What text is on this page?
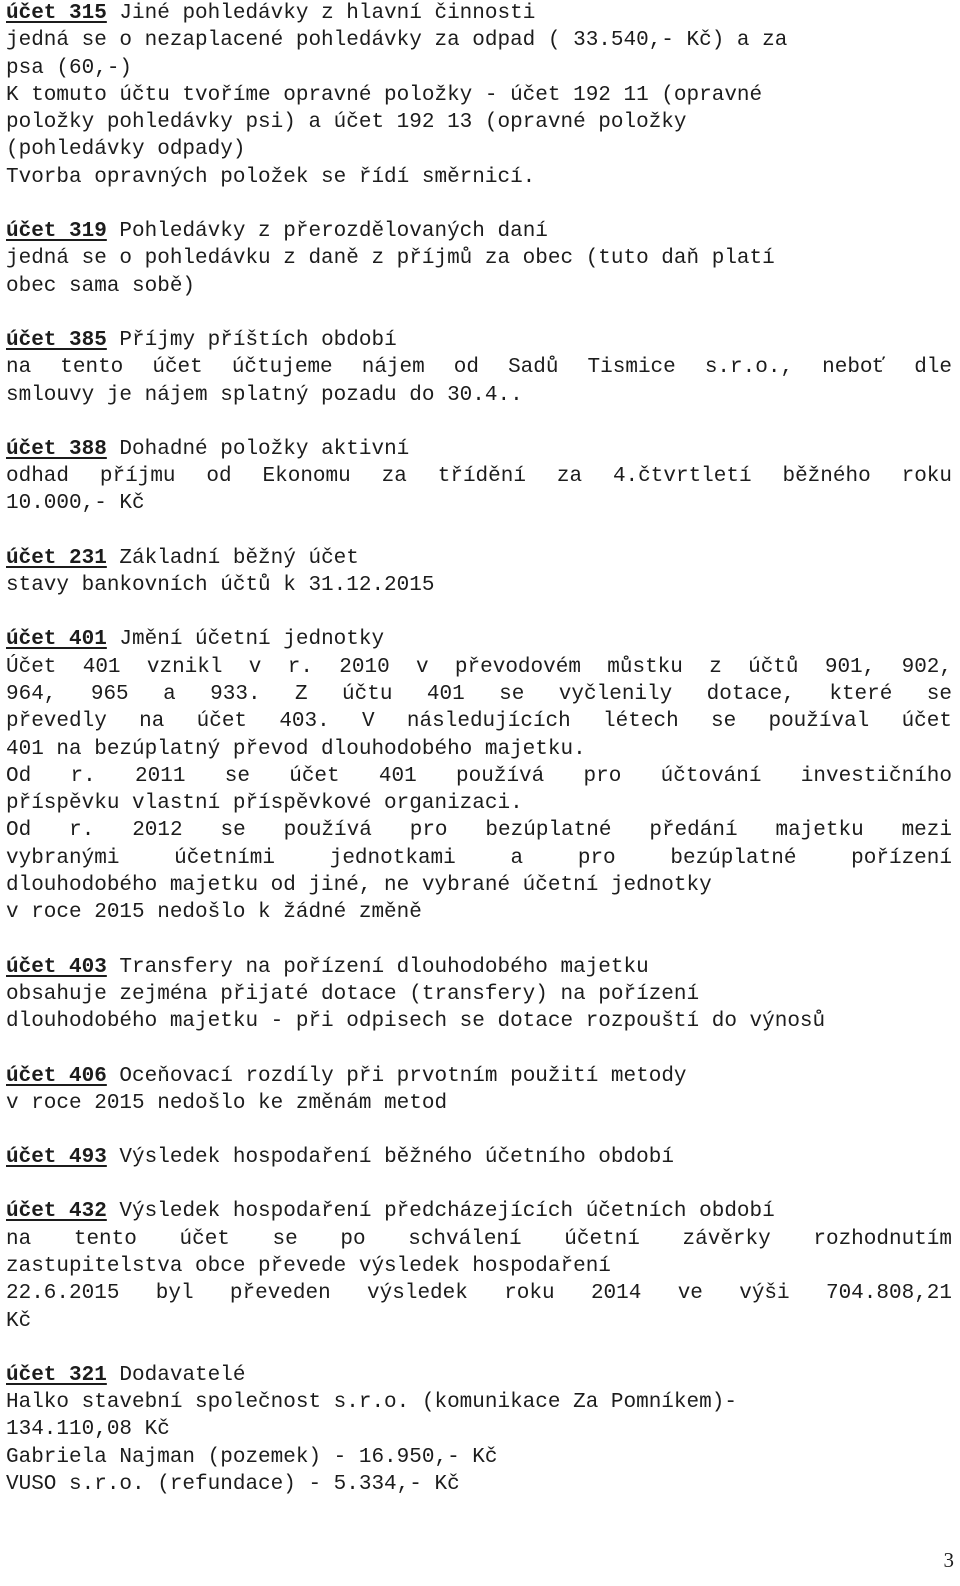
účet 315 Jiné pohledávky z hlavní činnosti
jedná se o nezaplacené pohledávky za odpad ( 33.540,- Kč) a za
psa (60,-)
K tomuto účtu tvoříme opravné položky - účet 192 11 (opravné
položky pohledávky psi) a účet 192 13 (opravné položky
(pohledávky odpady)
Tvorba opravných položek se řídí směrnicí.
účet 319 Pohledávky z přerozdělovaných daní
jedná se o pohledávku z daně z příjmů za obec (tuto daň platí
obec sama sobě)
účet 385 Příjmy příštích období
na tento účet účtujeme nájem od Sadů Tismice s.r.o., neboť dle
smlouvy je nájem splatný pozadu do 30.4..
účet 388 Dohadné položky aktivní
odhad příjmu od Ekonomu za třídění za 4.čtvrtletí běžného roku
10.000,- Kč
účet 231 Základní běžný účet
stavy bankovních účtů k 31.12.2015
účet 401 Jmění účetní jednotky
Účet 401 vznikl v r. 2010 v převodovém můstku z účtů 901, 902,
964, 965 a 933. Z účtu 401 se vyčlenily dotace, které se
převedly na účet 403. V následujících létech se používal účet
401 na bezúplatný převod dlouhodobého majetku.
Od r. 2011 se účet 401 používá pro účtování investičního
příspěvku vlastní příspěvkové organizaci.
Od r. 2012 se používá pro bezúplatné předání majetku mezi
vybranými účetními jednotkami a pro bezúplatné pořízení
dlouhodobého majetku od jiné, ne vybrané účetní jednotky
v roce 2015 nedošlo k žádné změně
účet 403 Transfery na pořízení dlouhodobého majetku
obsahuje zejména přijaté dotace (transfery) na pořízení
dlouhodobého majetku - při odpisech se dotace rozpouští do výnosů
účet 406 Oceňovací rozdíly při prvotním použití metody
v roce 2015 nedošlo ke změnám metod
účet 493 Výsledek hospodaření běžného účetního období
účet 432 Výsledek hospodaření předcházejících účetních období
na tento účet se po schválení účetní závěrky rozhodnutím
zastupitelstva obce převede výsledek hospodaření
22.6.2015 byl převeden výsledek roku 2014 ve výši 704.808,21
Kč
účet 321 Dodavatelé
Halko stavební společnost s.r.o. (komunikace Za Pomníkem)-
134.110,08 Kč
Gabriela Najman (pozemek) - 16.950,- Kč
VUSO s.r.o. (refundace) - 5.334,- Kč
3
